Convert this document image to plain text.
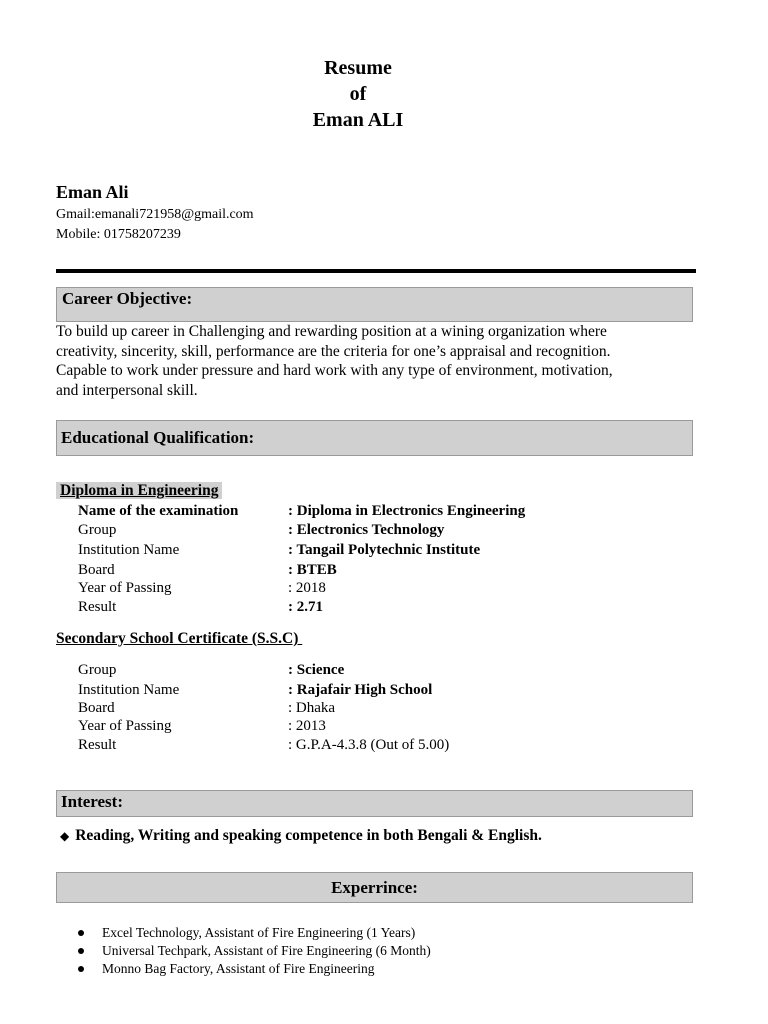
Resume
of
Eman ALI
Eman Ali
Gmail:emanali721958@gmail.com
Mobile: 01758207239
Career Objective:
To build up career in Challenging and rewarding position at a wining organization where
creativity, sincerity, skill, performance are the criteria for one’s appraisal and recognition.
Capable to work under pressure and hard work with any type of environment, motivation,
and interpersonal skill.
Educational Qualification:
Diploma in Engineering
Name of the examination	: Diploma in Electronics Engineering
Group	: Electronics Technology
Institution Name	: Tangail Polytechnic Institute
Board	: BTEB
Year of Passing	: 2018
Result	: 2.71
Secondary School Certificate (S.S.C)
Group	: Science
Institution Name	: Rajafair High School
Board	: Dhaka
Year of Passing	: 2013
Result	: G.P.A-4.3.8 (Out of 5.00)
Interest:
◆ Reading, Writing and speaking competence in both Bengali & English.
Experrince:
Excel Technology, Assistant of Fire Engineering (1 Years)
Universal Techpark, Assistant of Fire Engineering (6 Month)
Monno Bag Factory, Assistant of Fire Engineering
